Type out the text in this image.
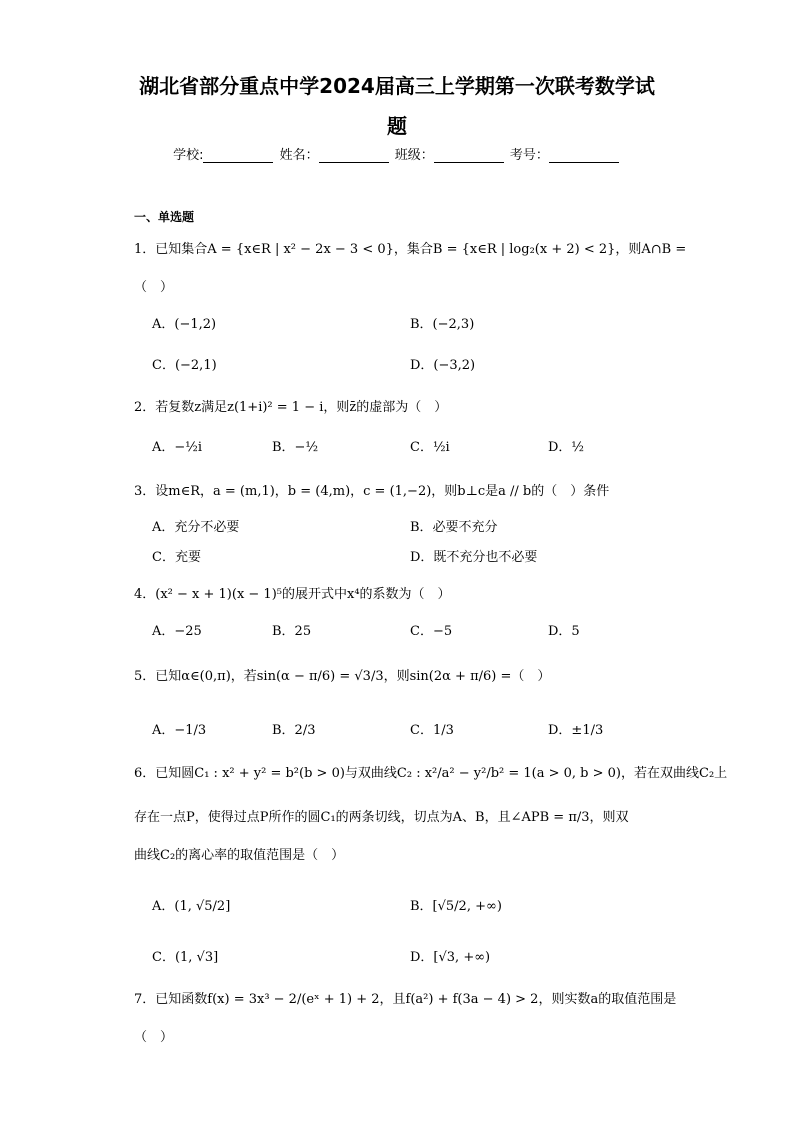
湖北省部分重点中学2024届高三上学期第一次联考数学试
题
学校:	姓名：	班级：	考号：
一、单选题
1．已知集合A = {x∈R | x² − 2x − 3 < 0}，集合B = {x∈R | log₂(x + 2) < 2}，则A∩B =
（　）
A．(−1,2)	B．(−2,3)
C．(−2,1)	D．(−3,2)
2．若复数z满足z(1+i)² = 1 − i，则z̄的虚部为（　）
A．−½i	B．−½	C．½i	D．½
3．设m∈R，a = (m,1)，b = (4,m)，c = (1,−2)，则b⊥c是a // b的（　）条件
A．充分不必要	B．必要不充分
C．充要	D．既不充分也不必要
4．(x² − x + 1)(x − 1)⁵的展开式中x⁴的系数为（　）
A．−25	B．25	C．−5	D．5
5．已知α∈(0,π)，若sin(α − π/6) = √3/3，则sin(2α + π/6) =（　）
A．−1/3	B．2/3	C．1/3	D．±1/3
6．已知圆C₁ : x² + y² = b²(b > 0)与双曲线C₂ : x²/a² − y²/b² = 1(a > 0, b > 0)，若在双曲线C₂上
存在一点P，使得过点P所作的圆C₁的两条切线，切点为A、B，且∠APB = π/3，则双
曲线C₂的离心率的取值范围是（　）
A．(1, √5/2]	B．[√5/2, +∞)
C．(1, √3]	D．[√3, +∞)
7．已知函数f(x) = 3x³ − 2/(eˣ + 1) + 2，且f(a²) + f(3a − 4) > 2，则实数a的取值范围是
（　）
